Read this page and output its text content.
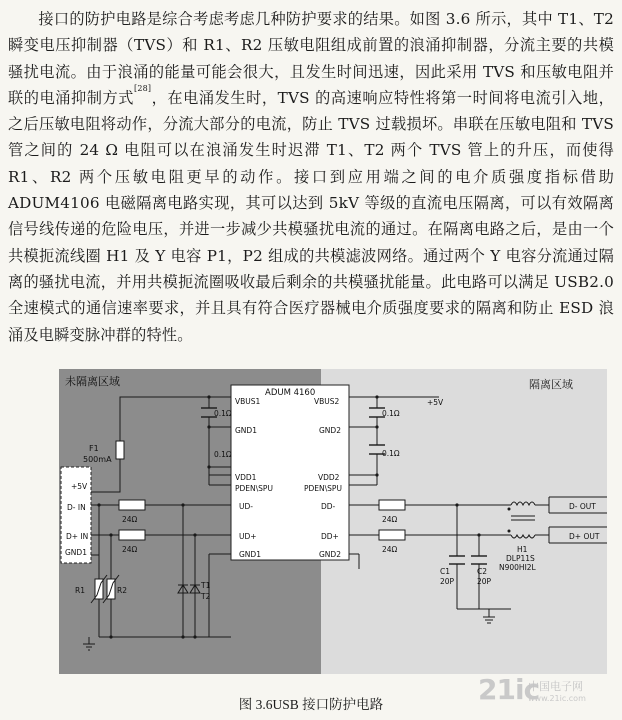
接口的防护电路是综合考虑考虑几种防护要求的结果。如图 3.6 所示，其中 T1、T2 瞬变电压抑制器（TVS）和 R1、R2 压敏电阻组成前置的浪涌抑制器，分流主要的共模骚扰电流。由于浪涌的能量可能会很大，且发生时间迅速，因此采用 TVS 和压敏电阻并联的电涌抑制方式[28]，在电涌发生时，TVS 的高速响应特性将第一时间将电流引入地，之后压敏电阻将动作，分流大部分的电流，防止 TVS 过载损坏。串联在压敏电阻和 TVS 管之间的 24 Ω 电阻可以在浪涌发生时迟滞 T1、T2 两个 TVS 管上的升压，而使得 R1、R2 两个压敏电阻更早的动作。接口到应用端之间的电介质强度指标借助 ADUM4106 电磁隔离电路实现，其可以达到 5kV 等级的直流电压隔离，可以有效隔离信号线传递的危险电压，并进一步减少共模骚扰电流的通过。在隔离电路之后，是由一个共模扼流线圈 H1 及 Y 电容 P1，P2 组成的共模滤波网络。通过两个 Y 电容分流通过隔离的骚扰电流，并用共模扼流圈吸收最后剩余的共模骚扰能量。此电路可以满足 USB2.0 全速模式的通信速率要求，并且具有符合医疗器械电介质强度要求的隔离和防止 ESD 浪涌及电瞬变脉冲群的特性。

未隔离区域	隔离区域
ADUM 4160
VBUS1
GND1
VDD1
PDEN\SPU
UD-
UD+
GND1
VBUS2
GND2
VDD2
PDEN\SPU
DD-
DD+
GND2
+5V
D- IN
D+ IN
GND1
F1
500mA
0.1Ω
0.1Ω
0.1Ω
0.1Ω
+5V
24Ω
24Ω
24Ω
24Ω
R1	R2
T1
T2
H1
DLP11S
N900HI2L
C1
20P
C2
20P
D- OUT
D+ OUT
图 3.6USB 接口防护电路	21ic
中国电子网
www.21ic.com
